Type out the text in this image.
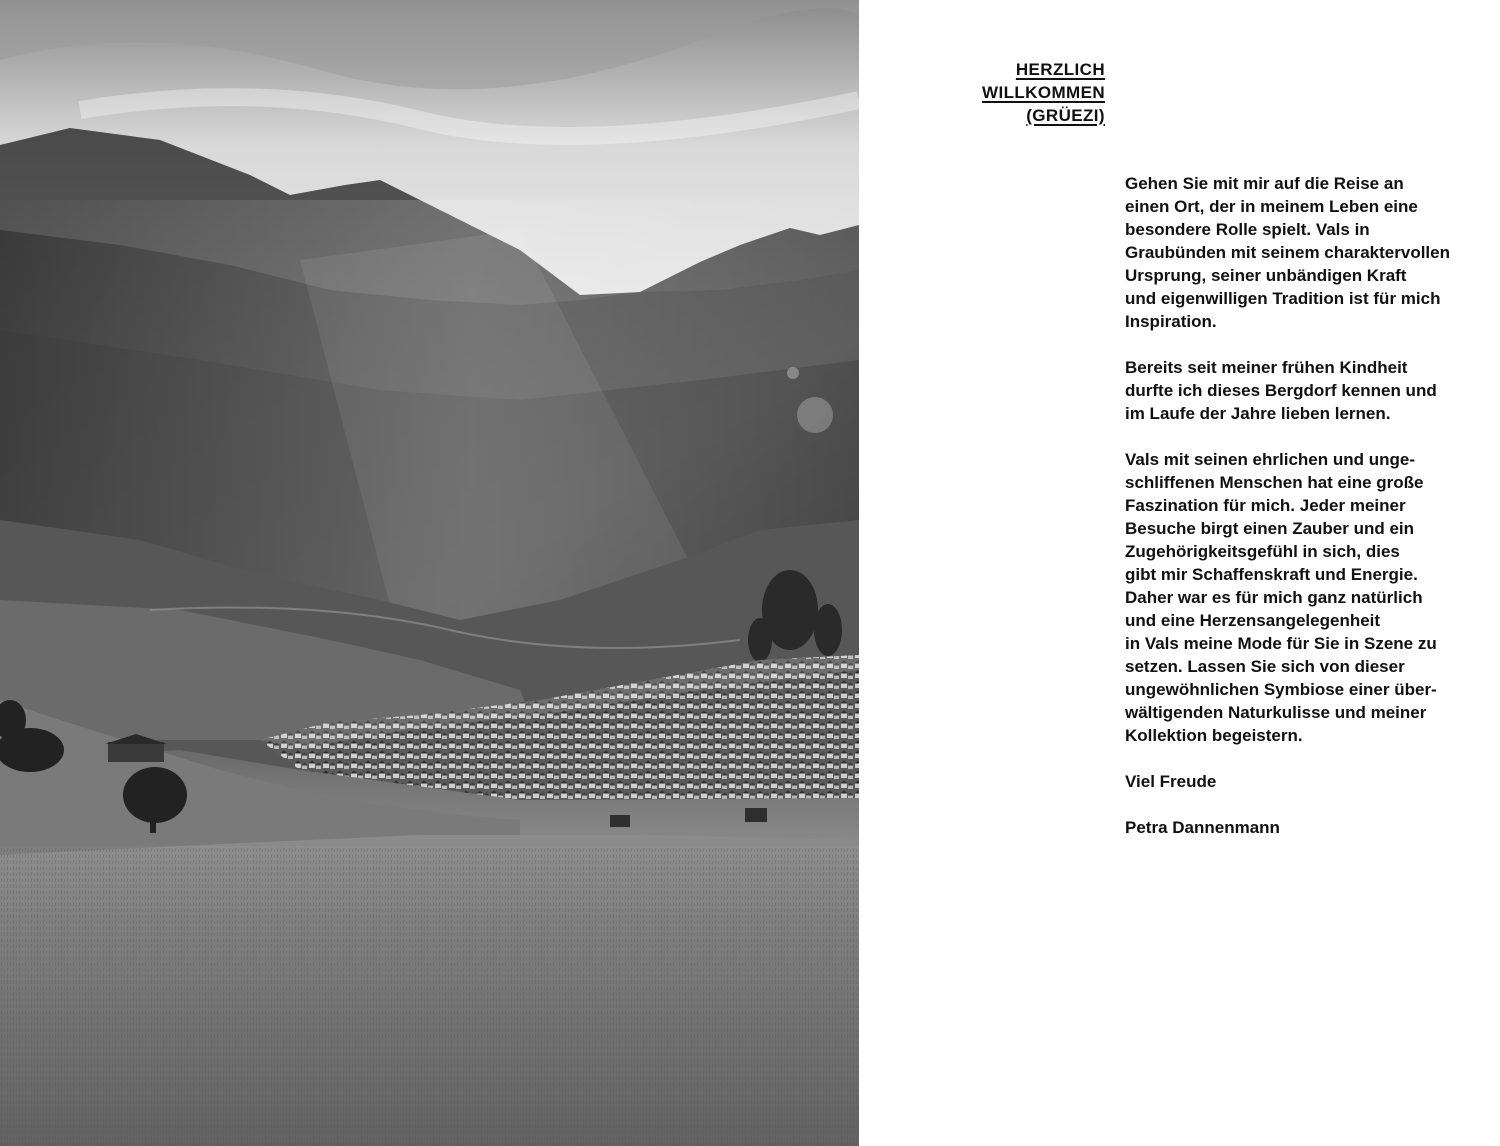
HERZLICH
WILLKOMMEN
(GRÜEZI)

Gehen Sie mit mir auf die Reise an
einen Ort, der in meinem Leben eine
besondere Rolle spielt. Vals in
Graubünden mit seinem charaktervollen
Ursprung, seiner unbändigen Kraft
und eigenwilligen Tradition ist für mich
Inspiration.

Bereits seit meiner frühen Kindheit
durfte ich dieses Bergdorf kennen und
im Laufe der Jahre lieben lernen.

Vals mit seinen ehrlichen und unge-
schliffenen Menschen hat eine große
Faszination für mich. Jeder meiner
Besuche birgt einen Zauber und ein
Zugehörigkeitsgefühl in sich, dies
gibt mir Schaffenskraft und Energie.
Daher war es für mich ganz natürlich
und eine Herzensangelegenheit
in Vals meine Mode für Sie in Szene zu
setzen. Lassen Sie sich von dieser
ungewöhnlichen Symbiose einer über-
wältigenden Naturkulisse und meiner
Kollektion begeistern.

Viel Freude

Petra Dannenmann
